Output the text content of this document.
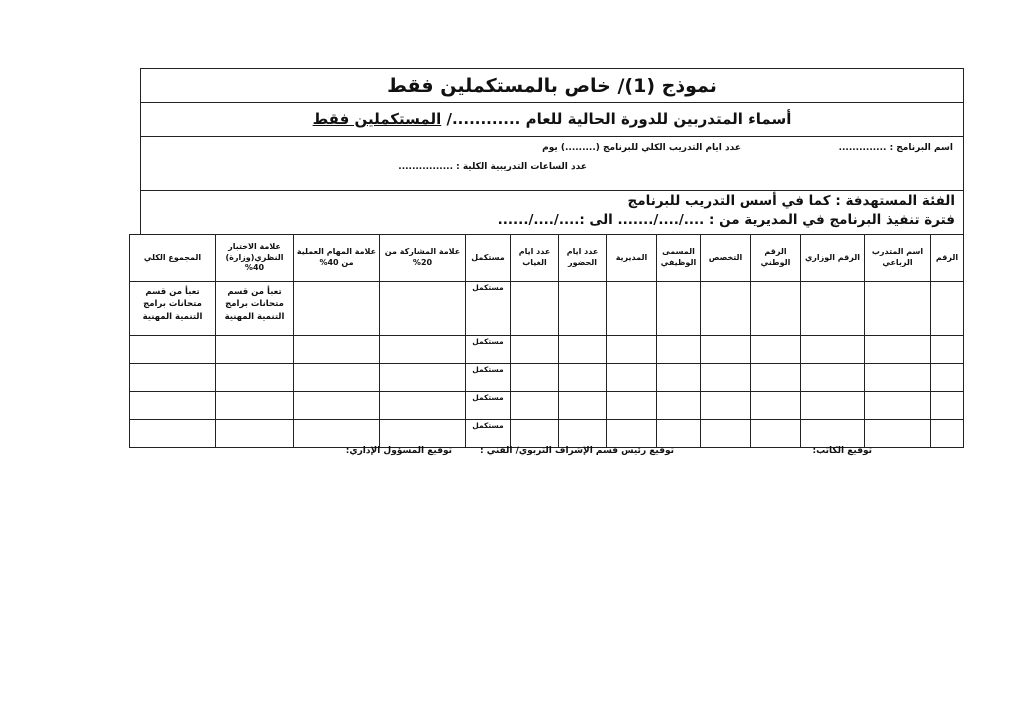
نموذج (1)/ خاص بالمستكملين فقط
أسماء المتدربين للدورة الحالية للعام ............/ المستكملين فقط
اسم البرنامج : ..............
عدد ايام التدريب الكلي للبرنامج (.........) يوم
عدد الساعات التدريبية الكلية : ................
الفئة المستهدفة : كما في أسس التدريب للبرنامج
فترة تنفيذ البرنامج في المديرية من : ..../..../....... الى :..../..../......
الرقم	اسم المتدرب الرباعي	الرقم الوزاري	الرقم الوطني	التخصص	المسمى الوظيفي	المديرية	عدد ايام الحضور	عدد ايام الغياب	مستكمل	علامة المشاركة من 20%	علامة المهام العملية من 40%	علامة الاختبار النظري(وزارة) 40%	المجموع الكلي
									مستكمل			تعبأ من قسم متحانات برامج التنمية المهنية	تعبأ من قسم متحانات برامج التنمية المهنية
									مستكمل				
									مستكمل				
									مستكمل				
									مستكمل				
توقيع الكاتب:
توقيع رئيس قسم الإشراف التربوي/ الفني :
توقيع المسؤول الإداري:
